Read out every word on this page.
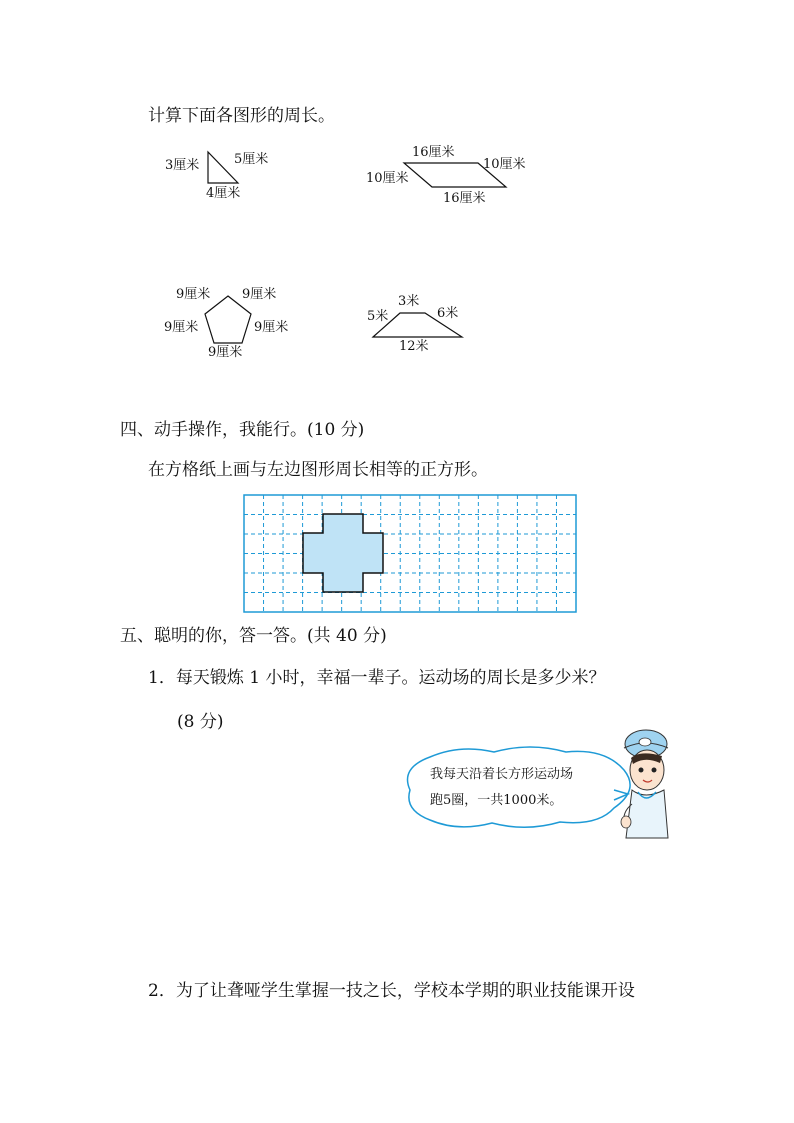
计算下面各图形的周长。
3厘米	5厘米
4厘米
16厘米
10厘米
10厘米
16厘米
9厘米 9厘米
9厘米	9厘米
9厘米
5米
3米
6米
12米
四、动手操作，我能行。(10 分)
在方格纸上画与左边图形周长相等的正方形。
五、聪明的你，答一答。(共 40 分)
1．每天锻炼 1 小时，幸福一辈子。运动场的周长是多少米？
(8 分)
我每天沿着长方形运动场
跑5圈，一共1000米。
2．为了让聋哑学生掌握一技之长，学校本学期的职业技能课开设
